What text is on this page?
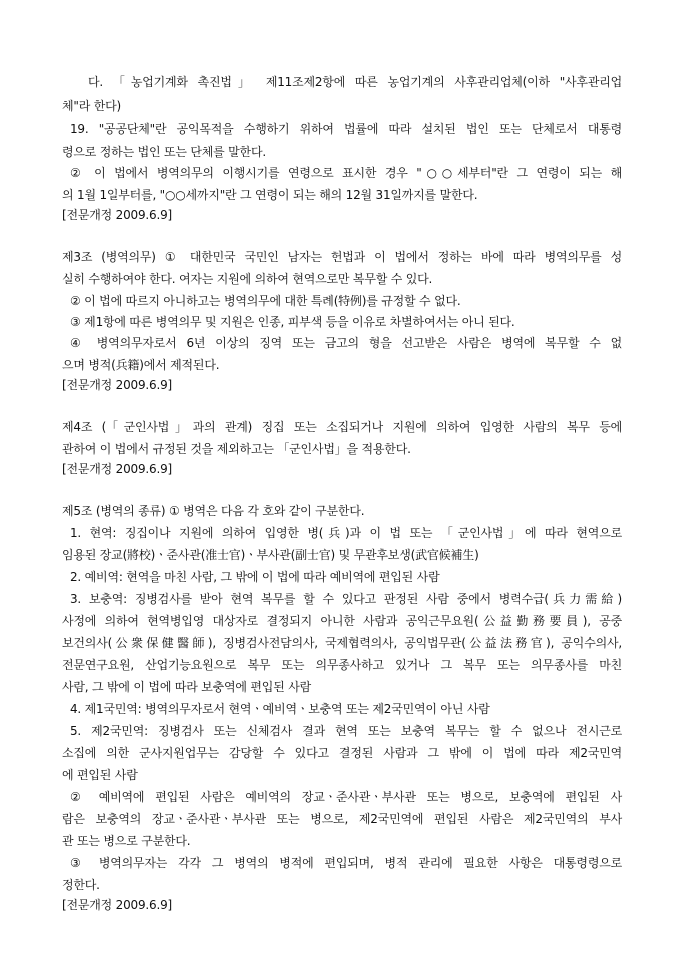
다. 「농업기계화 촉진법」 제11조제2항에 따른 농업기계의 사후관리업체(이하 "사후관리업
체"라 한다)
19. "공공단체"란 공익목적을 수행하기 위하여 법률에 따라 설치된 법인 또는 단체로서 대통령
령으로 정하는 법인 또는 단체를 말한다.
② 이 법에서 병역의무의 이행시기를 연령으로 표시한 경우 "○○세부터"란 그 연령이 되는 해
의 1월 1일부터를, "○○세까지"란 그 연령이 되는 해의 12월 31일까지를 말한다.
[전문개정 2009.6.9]
제3조 (병역의무) ① 대한민국 국민인 남자는 헌법과 이 법에서 정하는 바에 따라 병역의무를 성
실히 수행하여야 한다. 여자는 지원에 의하여 현역으로만 복무할 수 있다.
② 이 법에 따르지 아니하고는 병역의무에 대한 특례(特例)를 규정할 수 없다.
③ 제1항에 따른 병역의무 및 지원은 인종, 피부색 등을 이유로 차별하여서는 아니 된다.
④ 병역의무자로서 6년 이상의 징역 또는 금고의 형을 선고받은 사람은 병역에 복무할 수 없
으며 병적(兵籍)에서 제적된다.
[전문개정 2009.6.9]
제4조 (「군인사법」과의 관계) 징집 또는 소집되거나 지원에 의하여 입영한 사람의 복무 등에
관하여 이 법에서 규정된 것을 제외하고는 「군인사법」을 적용한다.
[전문개정 2009.6.9]
제5조 (병역의 종류) ① 병역은 다음 각 호와 같이 구분한다.
1. 현역: 징집이나 지원에 의하여 입영한 병(兵)과 이 법 또는 「군인사법」에 따라 현역으로
임용된 장교(將校)ㆍ준사관(准士官)ㆍ부사관(副士官) 및 무관후보생(武官候補生)
2. 예비역: 현역을 마친 사람, 그 밖에 이 법에 따라 예비역에 편입된 사람
3. 보충역: 징병검사를 받아 현역 복무를 할 수 있다고 판정된 사람 중에서 병력수급(兵力需給)
사정에 의하여 현역병입영 대상자로 결정되지 아니한 사람과 공익근무요원(公益勤務要員), 공중
보건의사(公衆保健醫師), 징병검사전담의사, 국제협력의사, 공익법무관(公益法務官), 공익수의사,
전문연구요원, 산업기능요원으로 복무 또는 의무종사하고 있거나 그 복무 또는 의무종사를 마친
사람, 그 밖에 이 법에 따라 보충역에 편입된 사람
4. 제1국민역: 병역의무자로서 현역ㆍ예비역ㆍ보충역 또는 제2국민역이 아닌 사람
5. 제2국민역: 징병검사 또는 신체검사 결과 현역 또는 보충역 복무는 할 수 없으나 전시근로
소집에 의한 군사지원업무는 감당할 수 있다고 결정된 사람과 그 밖에 이 법에 따라 제2국민역
에 편입된 사람
② 예비역에 편입된 사람은 예비역의 장교ㆍ준사관ㆍ부사관 또는 병으로, 보충역에 편입된 사
람은 보충역의 장교ㆍ준사관ㆍ부사관 또는 병으로, 제2국민역에 편입된 사람은 제2국민역의 부사
관 또는 병으로 구분한다.
③ 병역의무자는 각각 그 병역의 병적에 편입되며, 병적 관리에 필요한 사항은 대통령령으로
정한다.
[전문개정 2009.6.9]
